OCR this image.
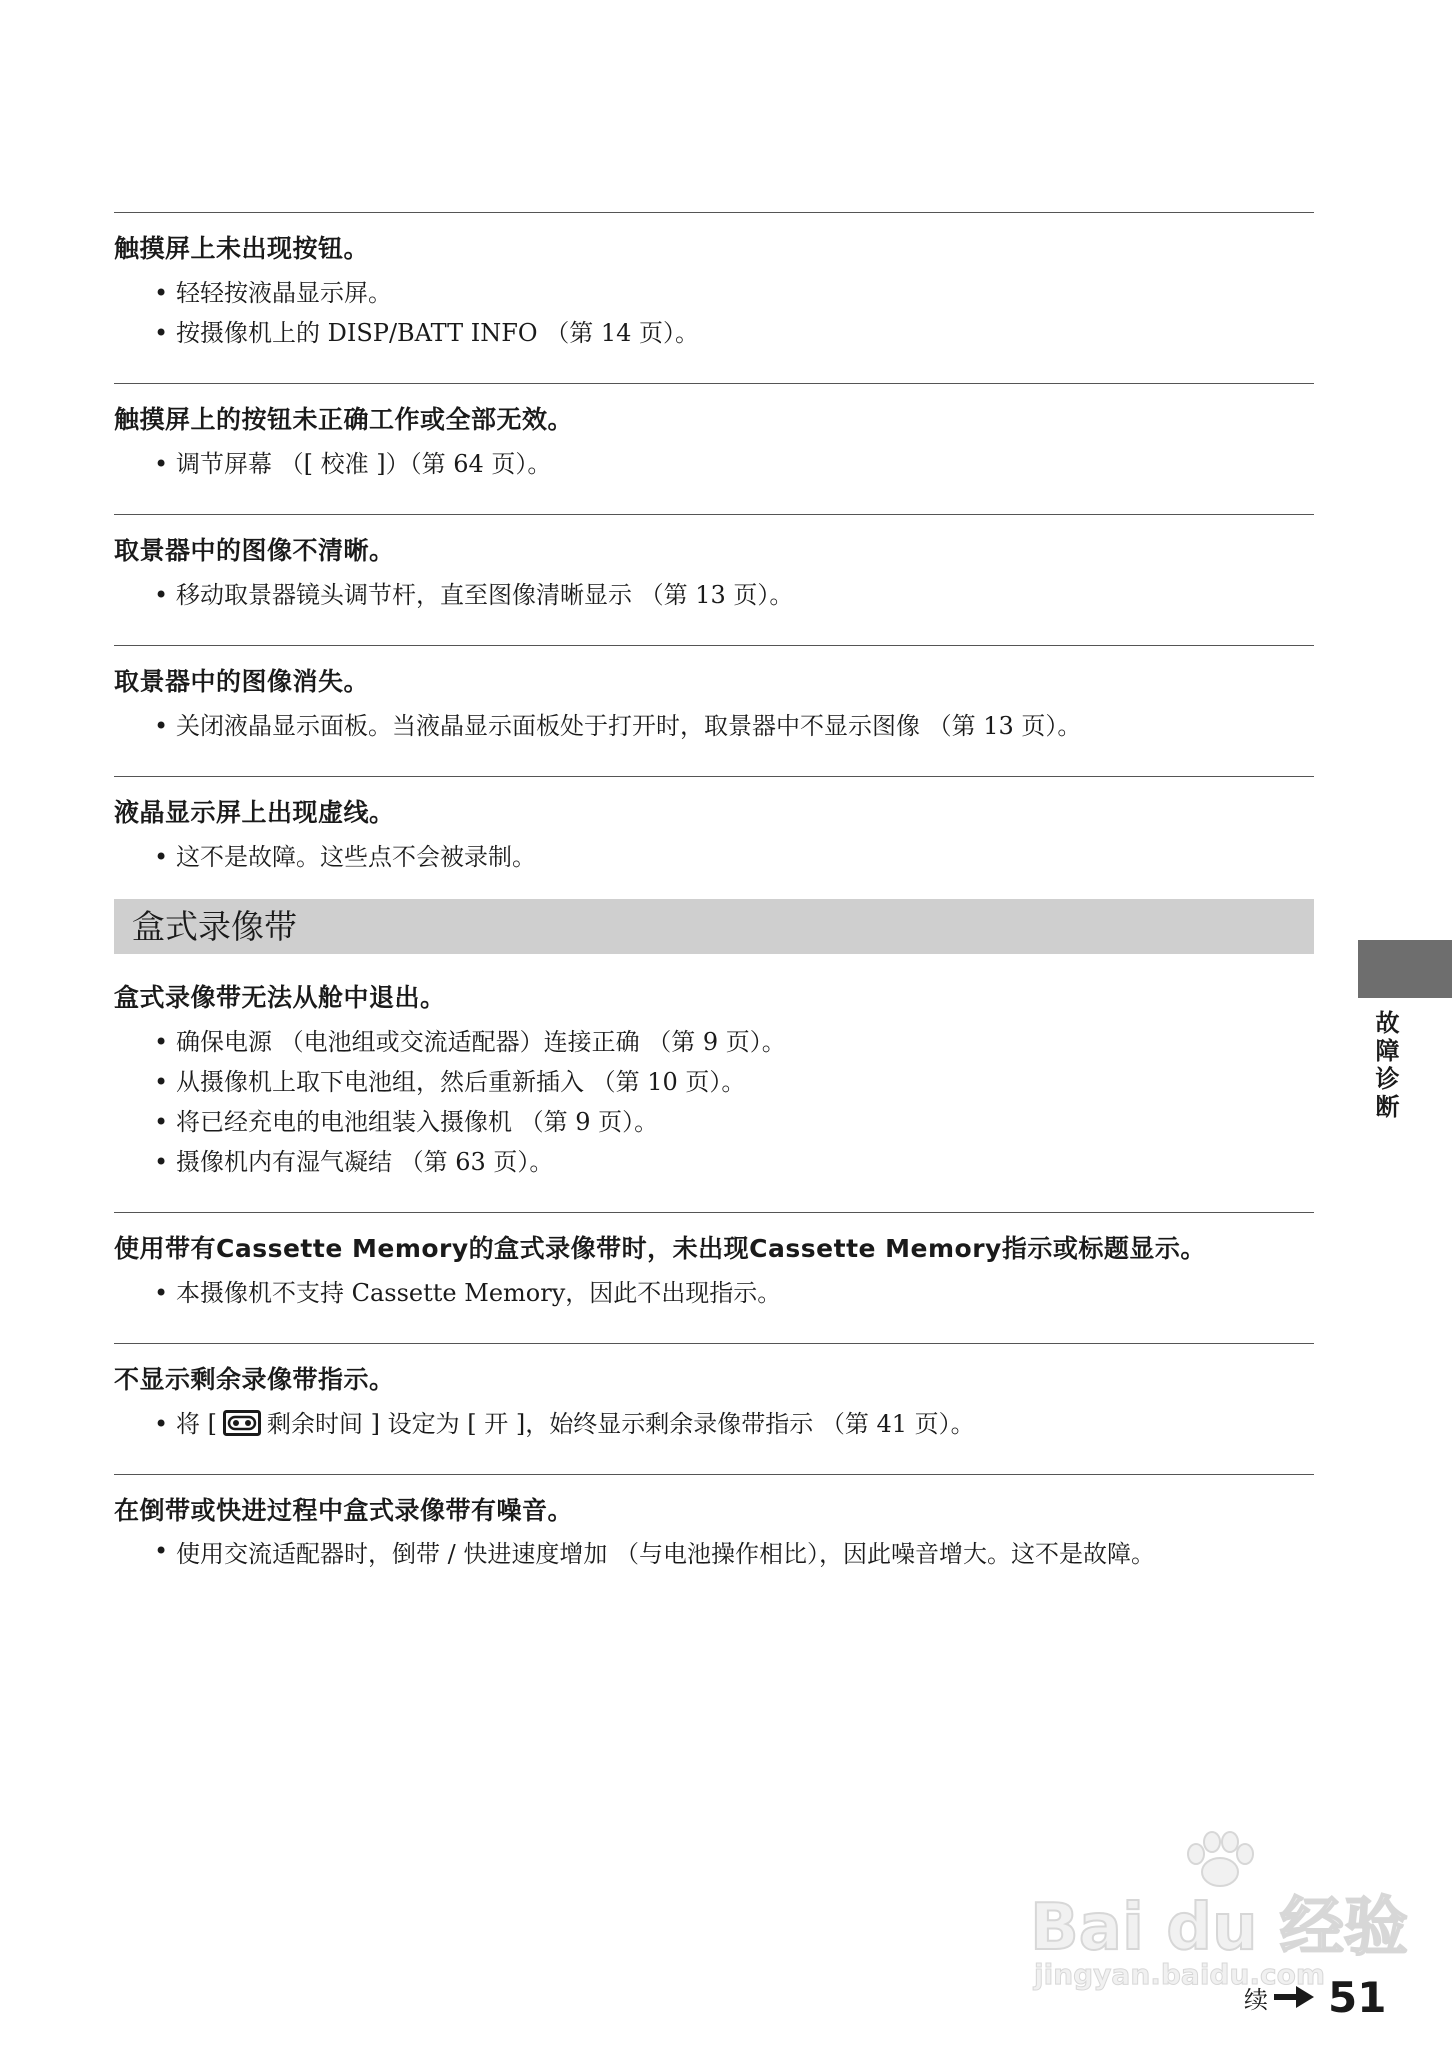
触摸屏上未出现按钮。
• 轻轻按液晶显示屏。
• 按摄像机上的 DISP/BATT INFO （第 14 页）。
触摸屏上的按钮未正确工作或全部无效。
• 调节屏幕 （[ 校准 ]）（第 64 页）。
取景器中的图像不清晰。
• 移动取景器镜头调节杆，直至图像清晰显示 （第 13 页）。
取景器中的图像消失。
• 关闭液晶显示面板。当液晶显示面板处于打开时，取景器中不显示图像 （第 13 页）。
液晶显示屏上出现虚线。
• 这不是故障。这些点不会被录制。
盒式录像带
盒式录像带无法从舱中退出。
• 确保电源 （电池组或交流适配器）连接正确 （第 9 页）。
• 从摄像机上取下电池组，然后重新插入 （第 10 页）。
• 将已经充电的电池组装入摄像机 （第 9 页）。
• 摄像机内有湿气凝结 （第 63 页）。
使用带有Cassette Memory的盒式录像带时，未出现Cassette Memory指示或标题显示。
• 本摄像机不支持 Cassette Memory，因此不出现指示。
不显示剩余录像带指示。
• 将 [ 剩余时间 ] 设定为 [ 开 ]，始终显示剩余录像带指示 （第 41 页）。
在倒带或快进过程中盒式录像带有噪音。
• 使用交流适配器时，倒带 / 快进速度增加 （与电池操作相比），因此噪音增大。这不是故障。
故障诊断
Bai du 经验
jingyan.baidu.com
续 51
